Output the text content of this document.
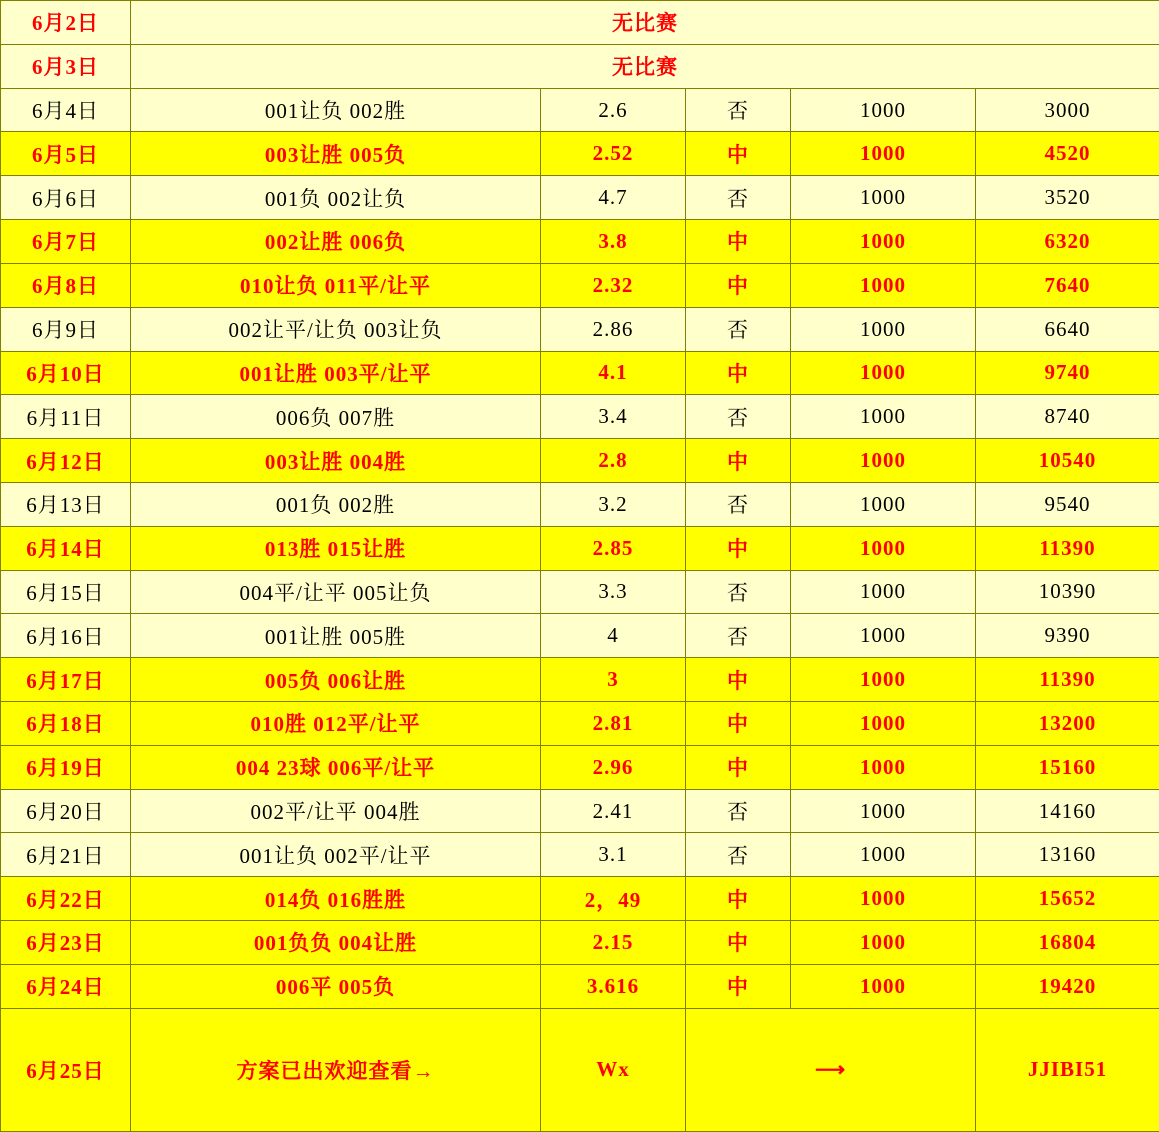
6月2日	无比赛				
6月3日	无比赛				
6月4日	001让负 002胜	2.6	否	1000	3000
6月5日	003让胜 005负	2.52	中	1000	4520
6月6日	001负 002让负	4.7	否	1000	3520
6月7日	002让胜 006负	3.8	中	1000	6320
6月8日	010让负 011平/让平	2.32	中	1000	7640
6月9日	002让平/让负 003让负	2.86	否	1000	6640
6月10日	001让胜 003平/让平	4.1	中	1000	9740
6月11日	006负 007胜	3.4	否	1000	8740
6月12日	003让胜 004胜	2.8	中	1000	10540
6月13日	001负 002胜	3.2	否	1000	9540
6月14日	013胜 015让胜	2.85	中	1000	11390
6月15日	004平/让平 005让负	3.3	否	1000	10390
6月16日	001让胜 005胜	4	否	1000	9390
6月17日	005负 006让胜	3	中	1000	11390
6月18日	010胜 012平/让平	2.81	中	1000	13200
6月19日	004 23球 006平/让平	2.96	中	1000	15160
6月20日	002平/让平 004胜	2.41	否	1000	14160
6月21日	001让负 002平/让平	3.1	否	1000	13160
6月22日	014负 016胜胜	2，49	中	1000	15652
6月23日	001负负 004让胜	2.15	中	1000	16804
6月24日	006平 005负	3.616	中	1000	19420
6月25日	方案已出欢迎查看→	Wx	⟶		JJIBI51
